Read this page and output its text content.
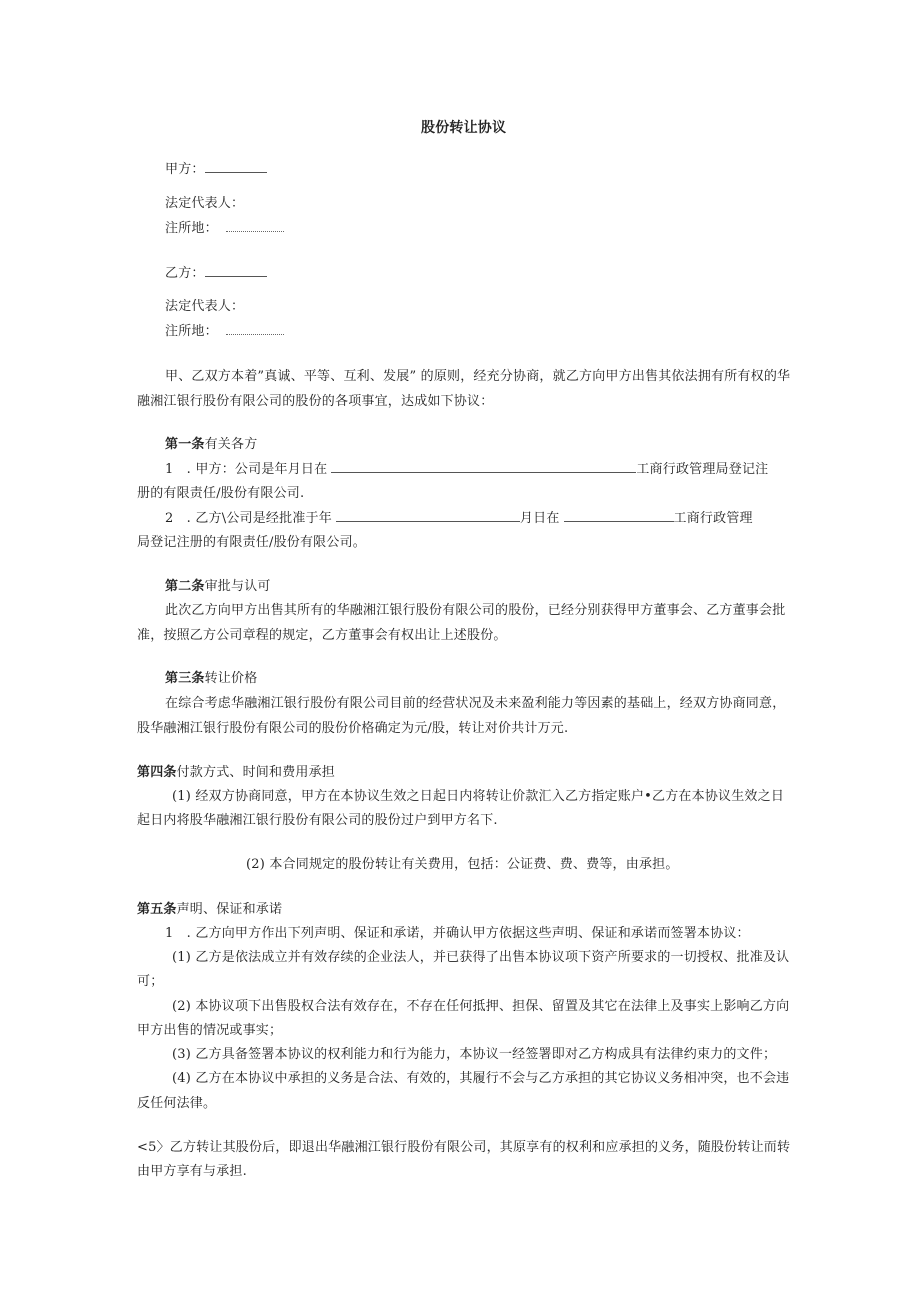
股份转让协议
甲方：
法定代表人：
注所地：
乙方：
法定代表人：
注所地：
甲、乙双方本着”真诚、平等、互利、发展” 的原则，经充分协商，就乙方向甲方出售其依法拥有所有权的华
融湘江银行股份有限公司的股份的各项事宜，达成如下协议：
第一条有关各方
1　. 甲方：公司是年月日在	工商行政管理局登记注
册的有限责任/股份有限公司.
2　. 乙方\公司是经批准于年	月日在	工商行政管理
局登记注册的有限责任/股份有限公司。
第二条审批与认可
此次乙方向甲方出售其所有的华融湘江银行股份有限公司的股份，已经分别获得甲方董事会、乙方董事会批
准，按照乙方公司章程的规定，乙方董事会有权出让上述股份。
第三条转让价格
在综合考虑华融湘江银行股份有限公司目前的经营状况及未来盈利能力等因素的基础上，经双方协商同意，
股华融湘江银行股份有限公司的股份价格确定为元/股，转让对价共计万元.
第四条付款方式、时间和费用承担
(1) 经双方协商同意，甲方在本协议生效之日起日内将转让价款汇入乙方指定账户•乙方在本协议生效之日
起日内将股华融湘江银行股份有限公司的股份过户到甲方名下.
(2) 本合同规定的股份转让有关费用，包括：公证费、费、费等，由承担。
第五条声明、保证和承诺
1　. 乙方向甲方作出下列声明、保证和承诺，并确认甲方依据这些声明、保证和承诺而签署本协议：
(1) 乙方是依法成立并有效存续的企业法人，并已获得了出售本协议项下资产所要求的一切授权、批准及认
可；
(2) 本协议项下出售股权合法有效存在，不存在任何抵押、担保、留置及其它在法律上及事实上影响乙方向
甲方出售的情况或事实；
(3) 乙方具备签署本协议的权利能力和行为能力，本协议一经签署即对乙方构成具有法律约束力的文件；
(4) 乙方在本协议中承担的义务是合法、有效的，其履行不会与乙方承担的其它协议义务相冲突，也不会违
反任何法律。
<5〉乙方转让其股份后，即退出华融湘江银行股份有限公司，其原享有的权利和应承担的义务，随股份转让而转
由甲方享有与承担.
